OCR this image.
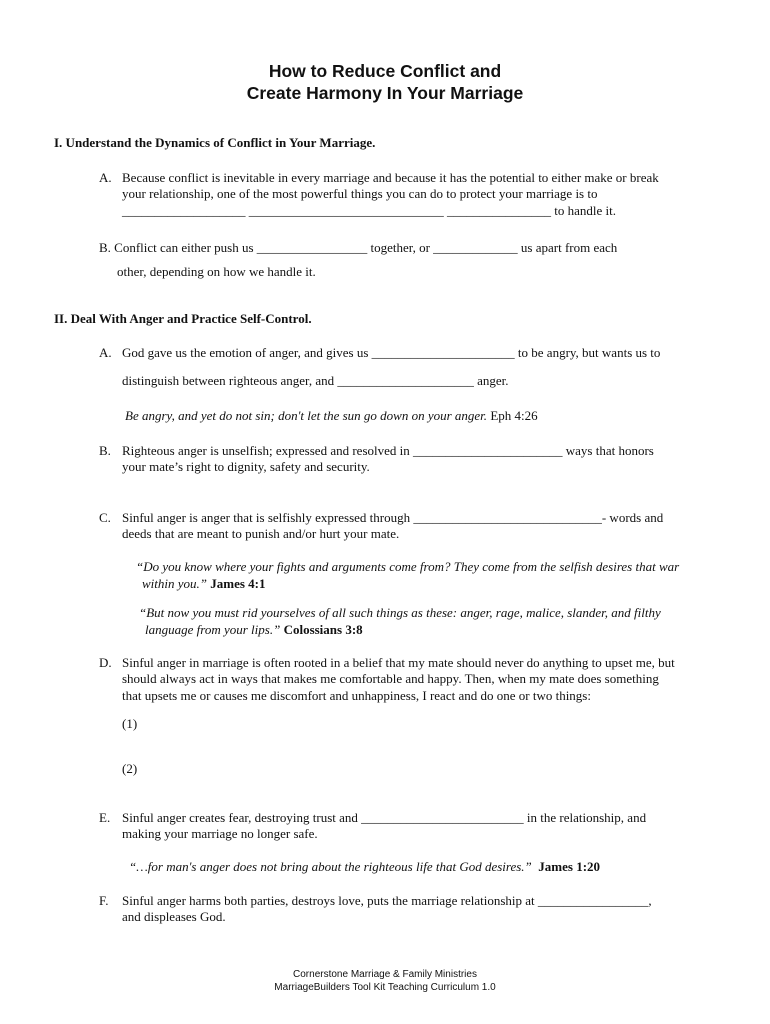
How to Reduce Conflict and
Create Harmony In Your Marriage
I. Understand the Dynamics of Conflict in Your Marriage.
A. Because conflict is inevitable in every marriage and because it has the potential to either make or break
your relationship, one of the most powerful things you can do to protect your marriage is to
___________________ ______________________________ ________________ to handle it.
B. Conflict can either push us _________________ together, or _____________ us apart from each
other, depending on how we handle it.
II. Deal With Anger and Practice Self-Control.
A. God gave us the emotion of anger, and gives us ______________________ to be angry, but wants us to
distinguish between righteous anger, and _____________________ anger.
Be angry, and yet do not sin; don't let the sun go down on your anger. Eph 4:26
B. Righteous anger is unselfish; expressed and resolved in _______________________ ways that honors
your mate’s right to dignity, safety and security.
C. Sinful anger is anger that is selfishly expressed through _____________________________- words and
deeds that are meant to punish and/or hurt your mate.
“Do you know where your fights and arguments come from? They come from the selfish desires that war
within you.” James 4:1
“But now you must rid yourselves of all such things as these: anger, rage, malice, slander, and filthy
language from your lips.” Colossians 3:8
D. Sinful anger in marriage is often rooted in a belief that my mate should never do anything to upset me, but
should always act in ways that makes me comfortable and happy. Then, when my mate does something
that upsets me or causes me discomfort and unhappiness, I react and do one or two things:
(1)
(2)
E. Sinful anger creates fear, destroying trust and _________________________ in the relationship, and
making your marriage no longer safe.
“…for man's anger does not bring about the righteous life that God desires.” James 1:20
F. Sinful anger harms both parties, destroys love, puts the marriage relationship at _________________,
and displeases God.
Cornerstone Marriage & Family Ministries
MarriageBuilders Tool Kit Teaching Curriculum 1.0
